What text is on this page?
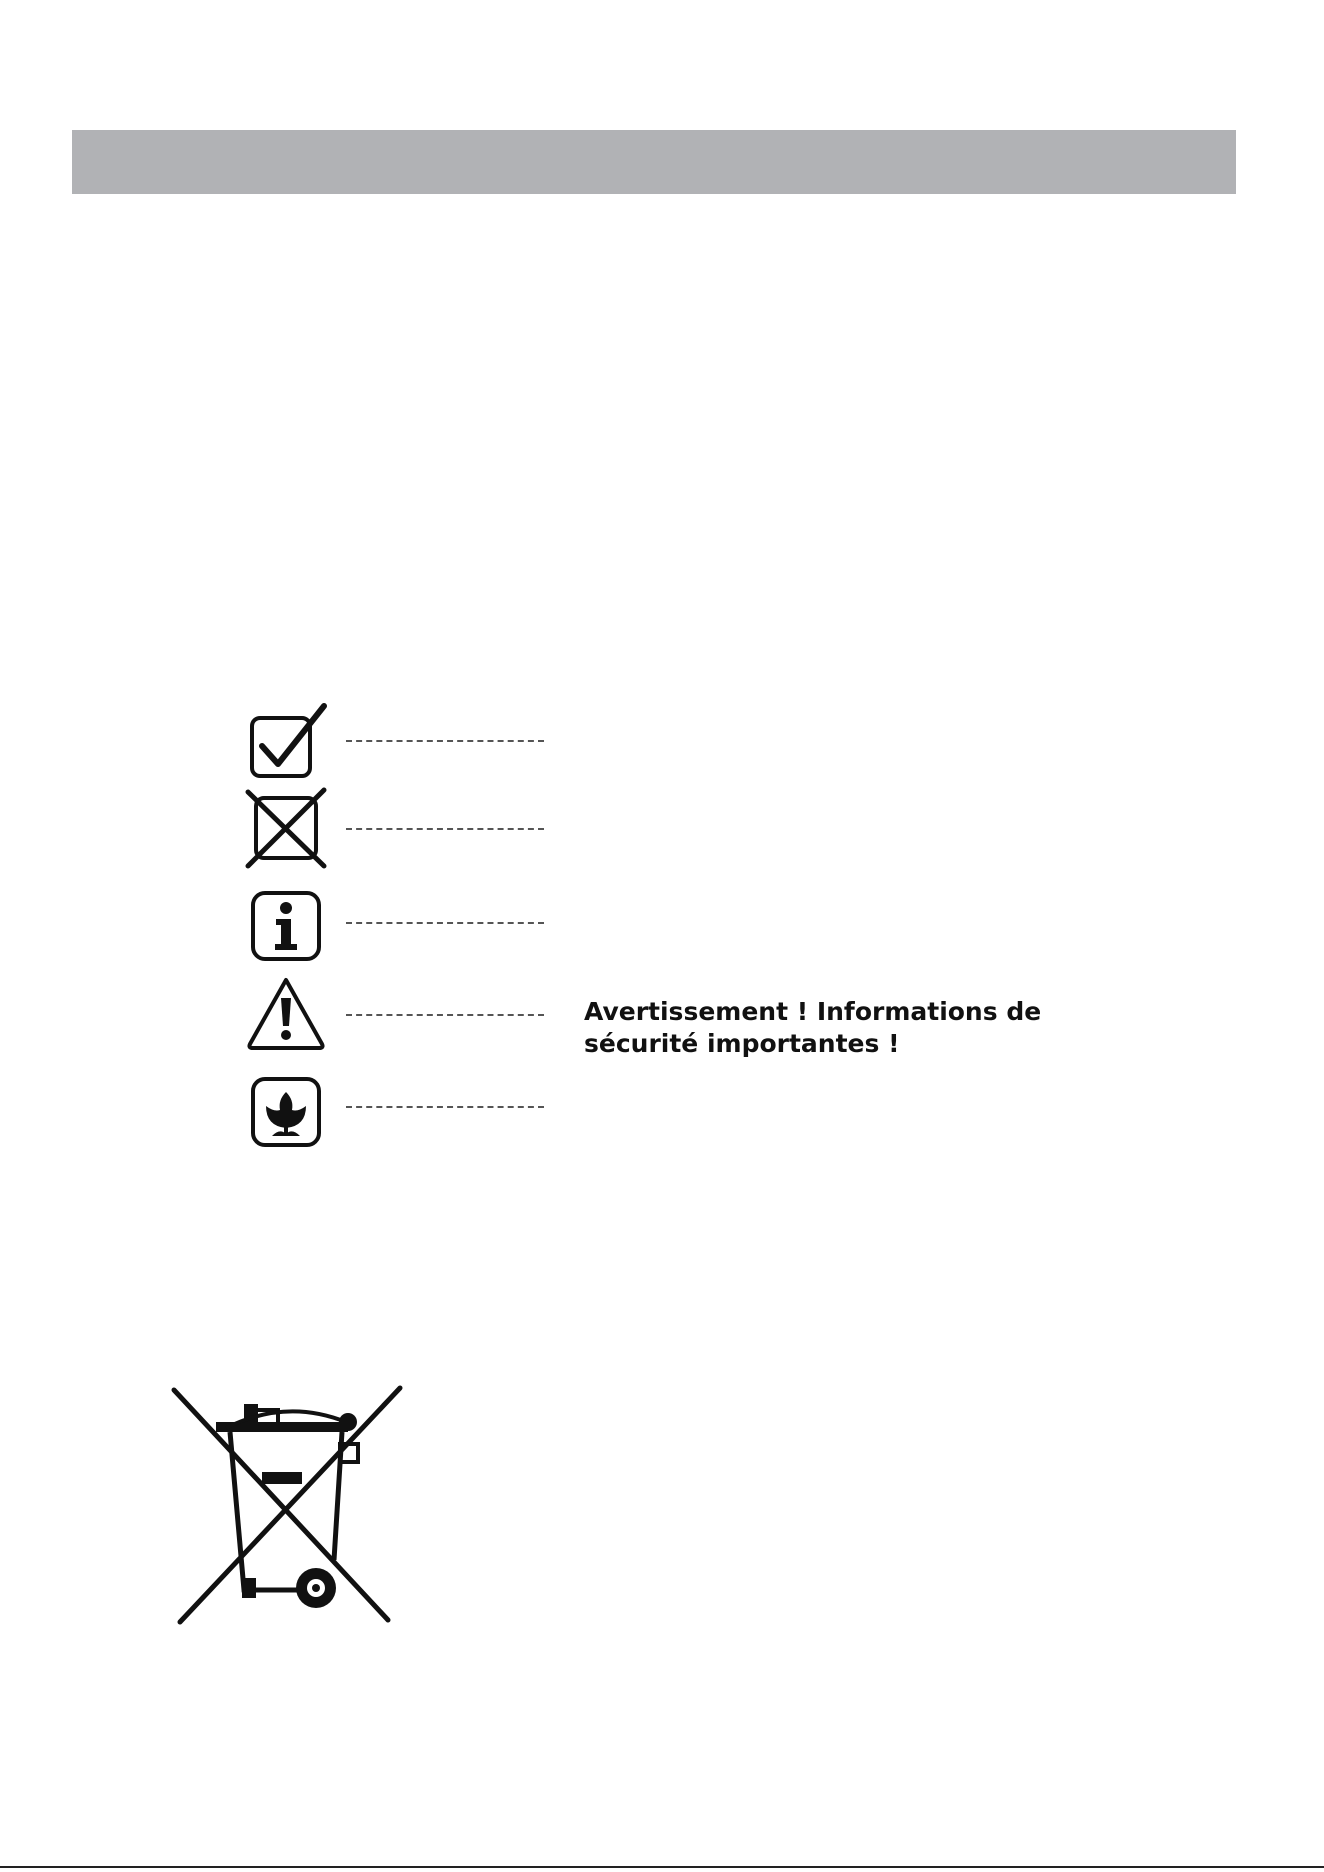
Avertissement ! Informations de sécurité importantes !
